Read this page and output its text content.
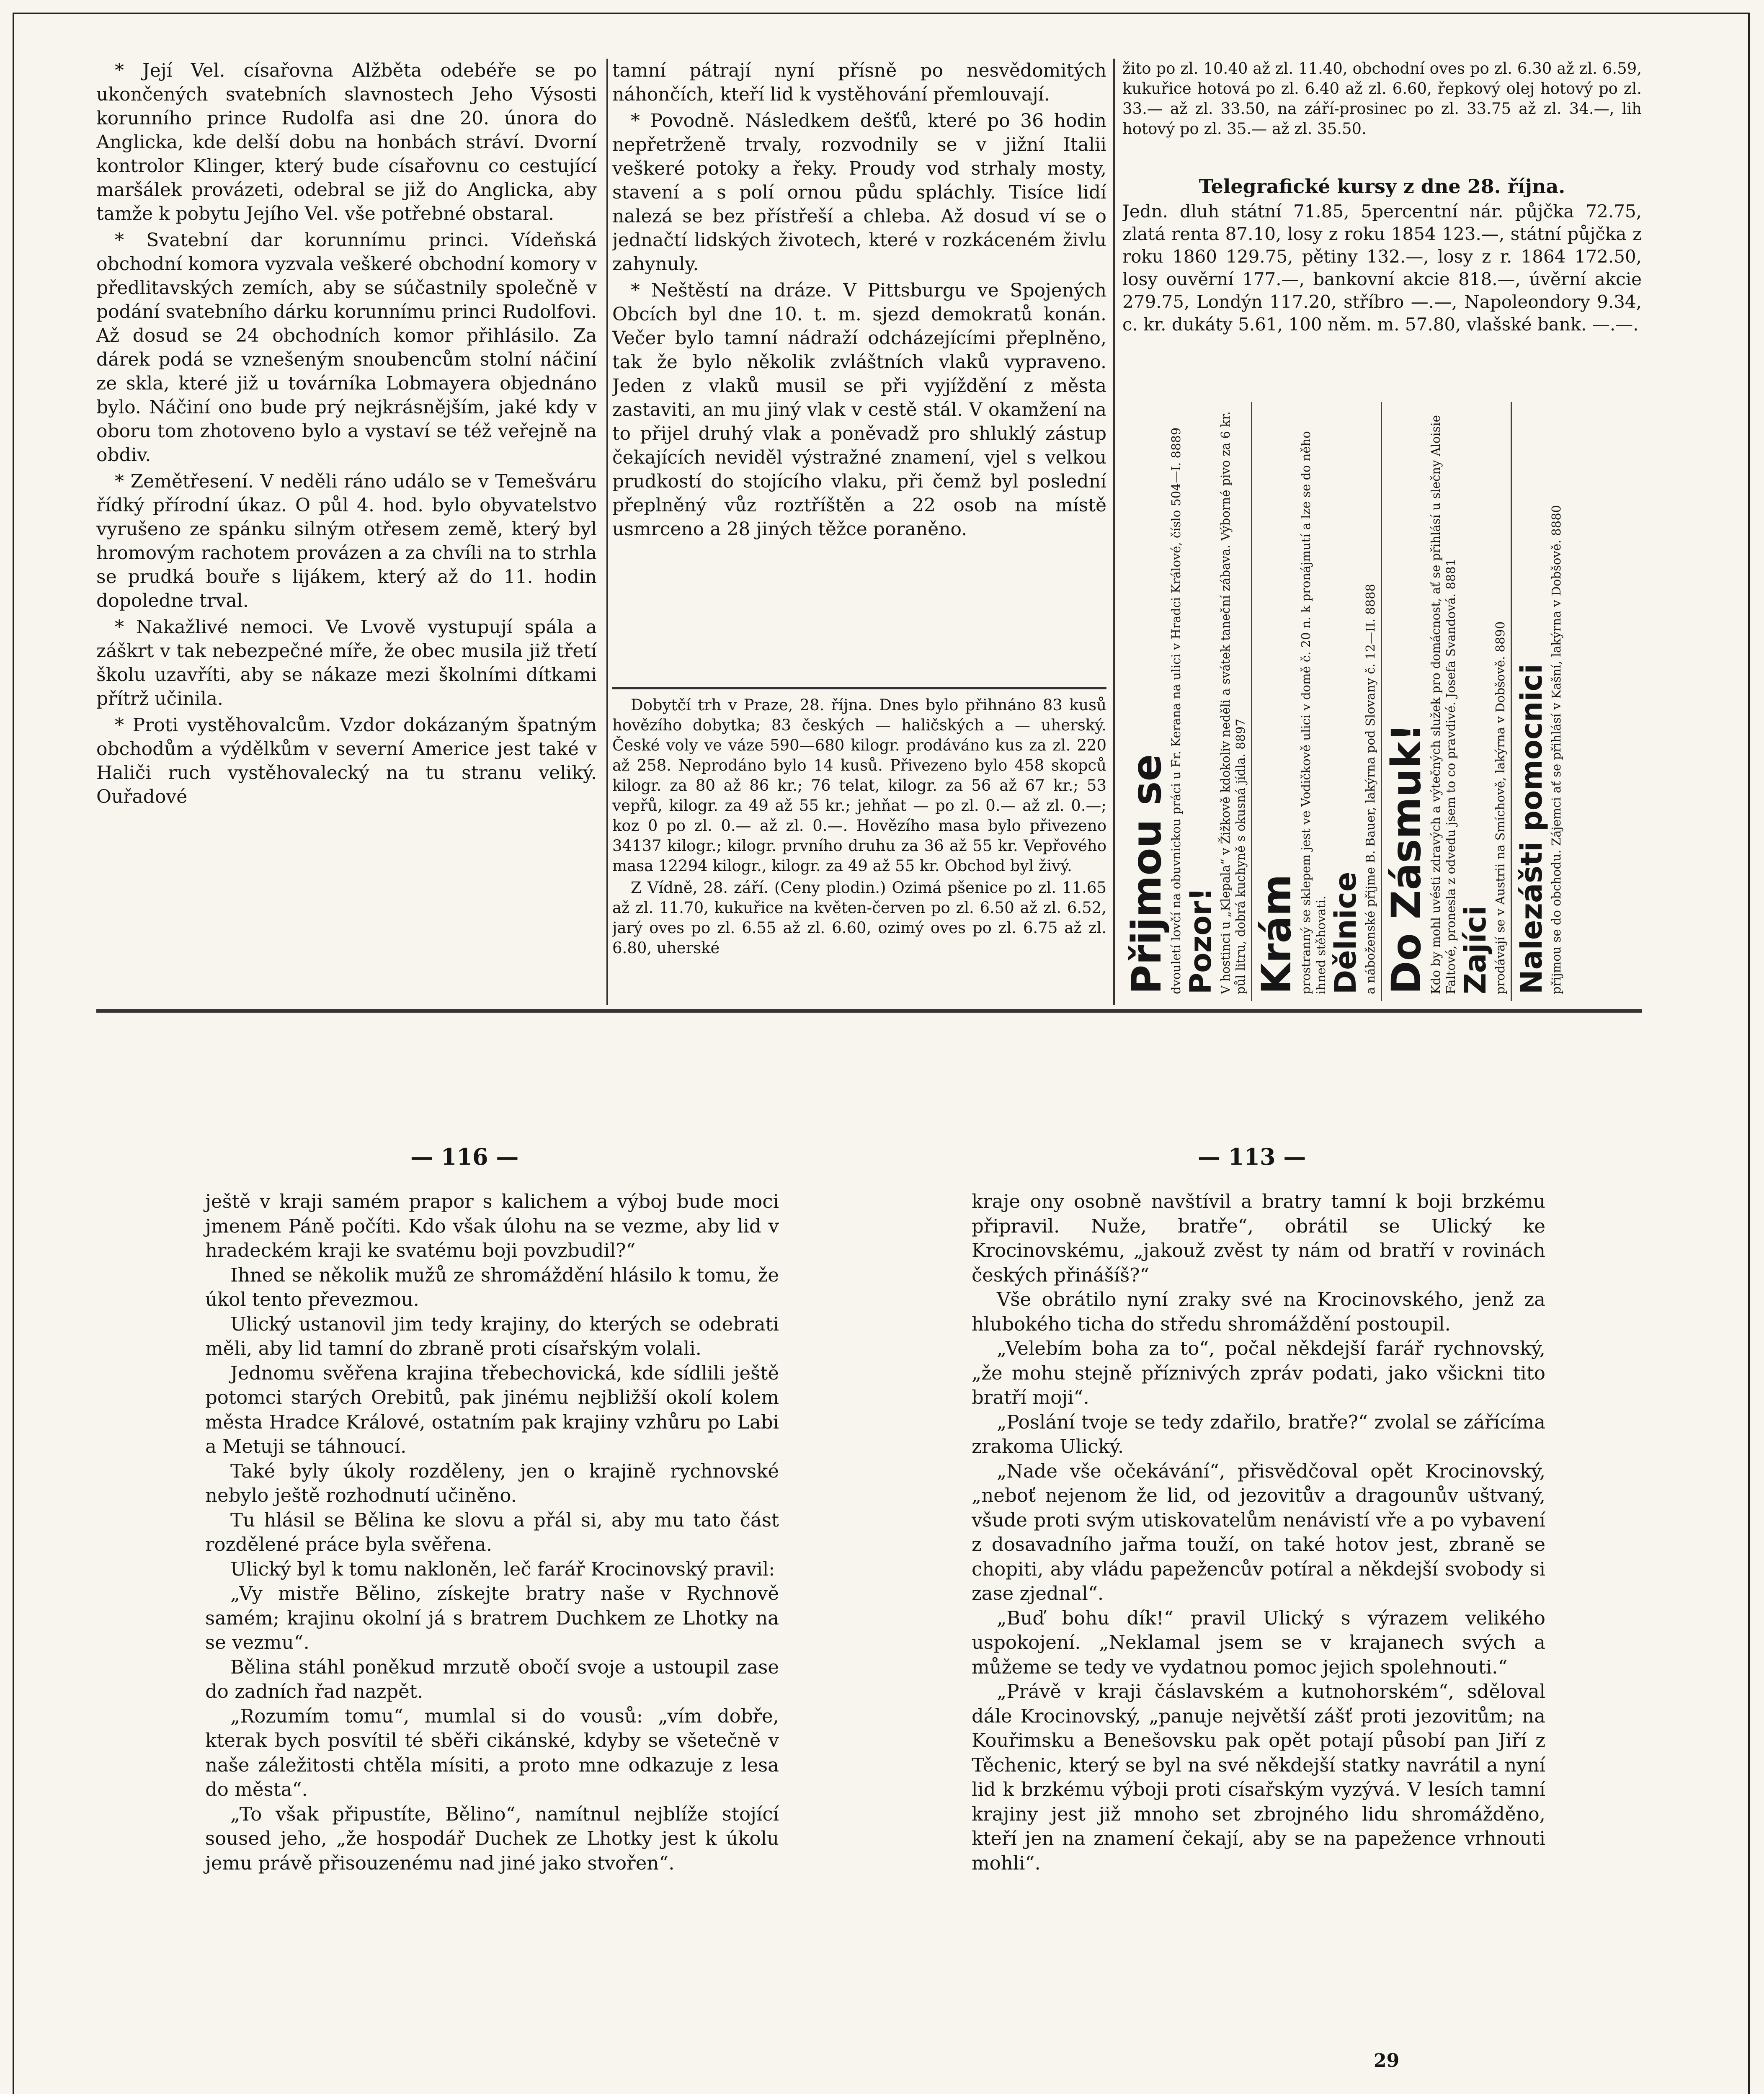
* Její Vel. císařovna Alžběta odebéře se po ukončených svatebních slavnostech Jeho Výsosti korunního prince Rudolfa asi dne 20. února do Anglicka, kde delší dobu na honbách stráví. Dvorní kontrolor Klinger, který bude císařovnu co cestující maršálek provázeti, odebral se již do Anglicka, aby tamže k pobytu Jejího Vel. vše potřebné obstaral.

* Svatební dar korunnímu princi. Vídeňská obchodní komora vyzvala veškeré obchodní komory v předlitavských zemích, aby se súčastnily společně v podání svatebního dárku korunnímu princi Rudolfovi. Až dosud se 24 obchodních komor přihlásilo. Za dárek podá se vznešeným snoubencům stolní náčiní ze skla, které již u továrníka Lobmayera objednáno bylo. Náčiní ono bude prý nejkrásnějším, jaké kdy v oboru tom zhotoveno bylo a vystaví se též veřejně na obdiv.

* Zemětřesení. V neděli ráno událo se v Temešváru řídký přírodní úkaz. O půl 4. hod. bylo obyvatelstvo vyrušeno ze spánku silným otřesem země, který byl hromovým rachotem provázen a za chvíli na to strhla se prudká bouře s lijákem, který až do 11. hodin dopoledne trval.

* Nakažlivé nemoci. Ve Lvově vystupují spála a záškrt v tak nebezpečné míře, že obec musila již třetí školu uzavříti, aby se nákaze mezi školními dítkami přítrž učinila.

* Proti vystěhovalcům. Vzdor dokázaným špatným obchodům a výdělkům v severní Americe jest také v Haliči ruch vystěhovalecký na tu stranu veliký. Ouřadové

tamní pátrají nyní přísně po nesvědomitých náhončích, kteří lid k vystěhování přemlouvají.

* Povodně. Následkem dešťů, které po 36 hodin nepřetrženě trvaly, rozvodnily se v jižní Italii veškeré potoky a řeky. Proudy vod strhaly mosty, stavení a s polí ornou půdu spláchly. Tisíce lidí nalezá se bez přístřeší a chleba. Až dosud ví se o jednačtí lidských životech, které v rozkáceném živlu zahynuly.

* Neštěstí na dráze. V Pittsburgu ve Spojených Obcích byl dne 10. t. m. sjezd demokratů konán. Večer bylo tamní nádraží odcházejícími přeplněno, tak že bylo několik zvláštních vlaků vypraveno. Jeden z vlaků musil se při vyjíždění z města zastaviti, an mu jiný vlak v cestě stál. V okamžení na to přijel druhý vlak a poněvadž pro shluklý zástup čekajících neviděl výstražné znamení, vjel s velkou prudkostí do stojícího vlaku, při čemž byl poslední přeplněný vůz roztříštěn a 22 osob na místě usmrceno a 28 jiných těžce poraněno.

Dobytčí trh v Praze, 28. října. Dnes bylo přihnáno 83 kusů hovězího dobytka; 83 českých — haličských a — uherský. České voly ve váze 590—680 kilogr. prodáváno kus za zl. 220 až 258. Neprodáno bylo 14 kusů. Přivezeno bylo 458 skopců kilogr. za 80 až 86 kr.; 76 telat, kilogr. za 56 až 67 kr.; 53 vepřů, kilogr. za 49 až 55 kr.; jehňat — po zl. 0.— až zl. 0.—; koz 0 po zl. 0.— až zl. 0.—. Hovězího masa bylo přivezeno 34137 kilogr.; kilogr. prvního druhu za 36 až 55 kr. Vepřového masa 12294 kilogr., kilogr. za 49 až 55 kr. Obchod byl živý.

Z Vídně, 28. září. (Ceny plodin.) Ozimá pšenice po zl. 11.65 až zl. 11.70, kukuřice na květen-červen po zl. 6.50 až zl. 6.52, jarý oves po zl. 6.55 až zl. 6.60, ozimý oves po zl. 6.75 až zl. 6.80, uherské

žito po zl. 10.40 až zl. 11.40, obchodní oves po zl. 6.30 až zl. 6.59, kukuřice hotová po zl. 6.40 až zl. 6.60, řepkový olej hotový po zl. 33.— až zl. 33.50, na září-prosinec po zl. 33.75 až zl. 34.—, lih hotový po zl. 35.— až zl. 35.50.

Telegrafické kursy z dne 28. října.

Jedn. dluh státní 71.85, 5percentní nár. půjčka 72.75, zlatá renta 87.10, losy z roku 1854 123.—, státní půjčka z roku 1860 129.75, pětiny 132.—, losy z r. 1864 172.50, losy ouvěrní 177.—, bankovní akcie 818.—, úvěrní akcie 279.75, Londýn 117.20, stříbro —.—, Napoleondory 9.34, c. kr. dukáty 5.61, 100 něm. m. 57.80, vlašské bank. —.—.

Přijmou se
dvouletí lovčí na obuvnickou práci u Fr. Kerana na ulici v Hradci Králové, číslo 504—I. 8889 Pozor! V hostinci u „Klepala“ v Žižkově kdokoliv neděli a svátek taneční zábava. Výborné pivo za 6 kr. půl litru, dobrá kuchyně s okusná jídla. 8897 Krám
prostranný se sklepem jest ve Vodičkově ulici v domě č. 20 n. k pronájmutí a lze se do něho ihned stěhovati. Dělnice a náboženské přijme B. Bauer, lakýrna pod Slovany č. 12—II. 8888 Do Zásmuk!
Kdo by mohl uvésti zdravých a výtečných služek pro domácnost, ať se přihlásí u slečny Aloisie Faltové, pronesla z odvedu jsem to co pravdivé. Josefa Svandová. 8881 Zajíci prodávají se v Austrii na Smíchově, lakýrna v Dobšově. 8890 Nalezášti pomocnici přijmou se do obchodu. Zájemci ať se přihlásí v Kašní, lakýrna v Dobšově. 8880
— 116 —	— 113 —

ještě v kraji samém prapor s kalichem a výboj bude moci jmenem Páně počíti. Kdo však úlohu na se vezme, aby lid v hradeckém kraji ke svatému boji povzbudil?“

Ihned se několik mužů ze shromáždění hlásilo k tomu, že úkol tento převezmou.

Ulický ustanovil jim tedy krajiny, do kterých se odebrati měli, aby lid tamní do zbraně proti císařským volali.

Jednomu svěřena krajina třebechovická, kde sídlili ještě potomci starých Orebitů, pak jinému nejbližší okolí kolem města Hradce Králové, ostatním pak krajiny vzhůru po Labi a Metuji se táhnoucí.

Také byly úkoly rozděleny, jen o krajině rychnovské nebylo ještě rozhodnutí učiněno.

Tu hlásil se Bělina ke slovu a přál si, aby mu tato část rozdělené práce byla svěřena.

Ulický byl k tomu nakloněn, leč farář Krocinovský pravil:

„Vy mistře Bělino, získejte bratry naše v Rychnově samém; krajinu okolní já s bratrem Duchkem ze Lhotky na se vezmu“.

Bělina stáhl poněkud mrzutě obočí svoje a ustoupil zase do zadních řad nazpět.

„Rozumím tomu“, mumlal si do vousů: „vím dobře, kterak bych posvítil té sběři cikánské, kdyby se všetečně v naše záležitosti chtěla mísiti, a proto mne odkazuje z lesa do města“.

„To však připustíte, Bělino“, namítnul nejblíže stojící soused jeho, „že hospodář Duchek ze Lhotky jest k úkolu jemu právě přisouzenému nad jiné jako stvořen“.

kraje ony osobně navštívil a bratry tamní k boji brzkému připravil. Nuže, bratře“, obrátil se Ulický ke Krocinovskému, „jakouž zvěst ty nám od bratří v rovinách českých přinášíš?“

Vše obrátilo nyní zraky své na Krocinovského, jenž za hlubokého ticha do středu shromáždění postoupil.

„Velebím boha za to“, počal někdejší farář rychnovský, „že mohu stejně příznivých zpráv podati, jako všickni tito bratří moji“.

„Poslání tvoje se tedy zdařilo, bratře?“ zvolal se zářícíma zrakoma Ulický.

„Nade vše očekávání“, přisvědčoval opět Krocinovský, „neboť nejenom že lid, od jezovitův a dragounův uštvaný, všude proti svým utiskovatelům nenávistí vře a po vybavení z dosavadního jařma touží, on také hotov jest, zbraně se chopiti, aby vládu papežencův potíral a někdejší svobody si zase zjednal“.

„Buď bohu dík!“ pravil Ulický s výrazem velikého uspokojení. „Neklamal jsem se v krajanech svých a můžeme se tedy ve vydatnou pomoc jejich spolehnouti.“

„Právě v kraji čáslavském a kutnohorském“, sděloval dále Krocinovský, „panuje největší zášť proti jezovitům; na Kouřimsku a Benešovsku pak opět potají působí pan Jiří z Těchenic, který se byl na své někdejší statky navrátil a nyní lid k brzkému výboji proti císařským vyzývá. V lesích tamní krajiny jest již mnoho set zbrojného lidu shromážděno, kteří jen na znamení čekají, aby se na papežence vrhnouti mohli“.

29
